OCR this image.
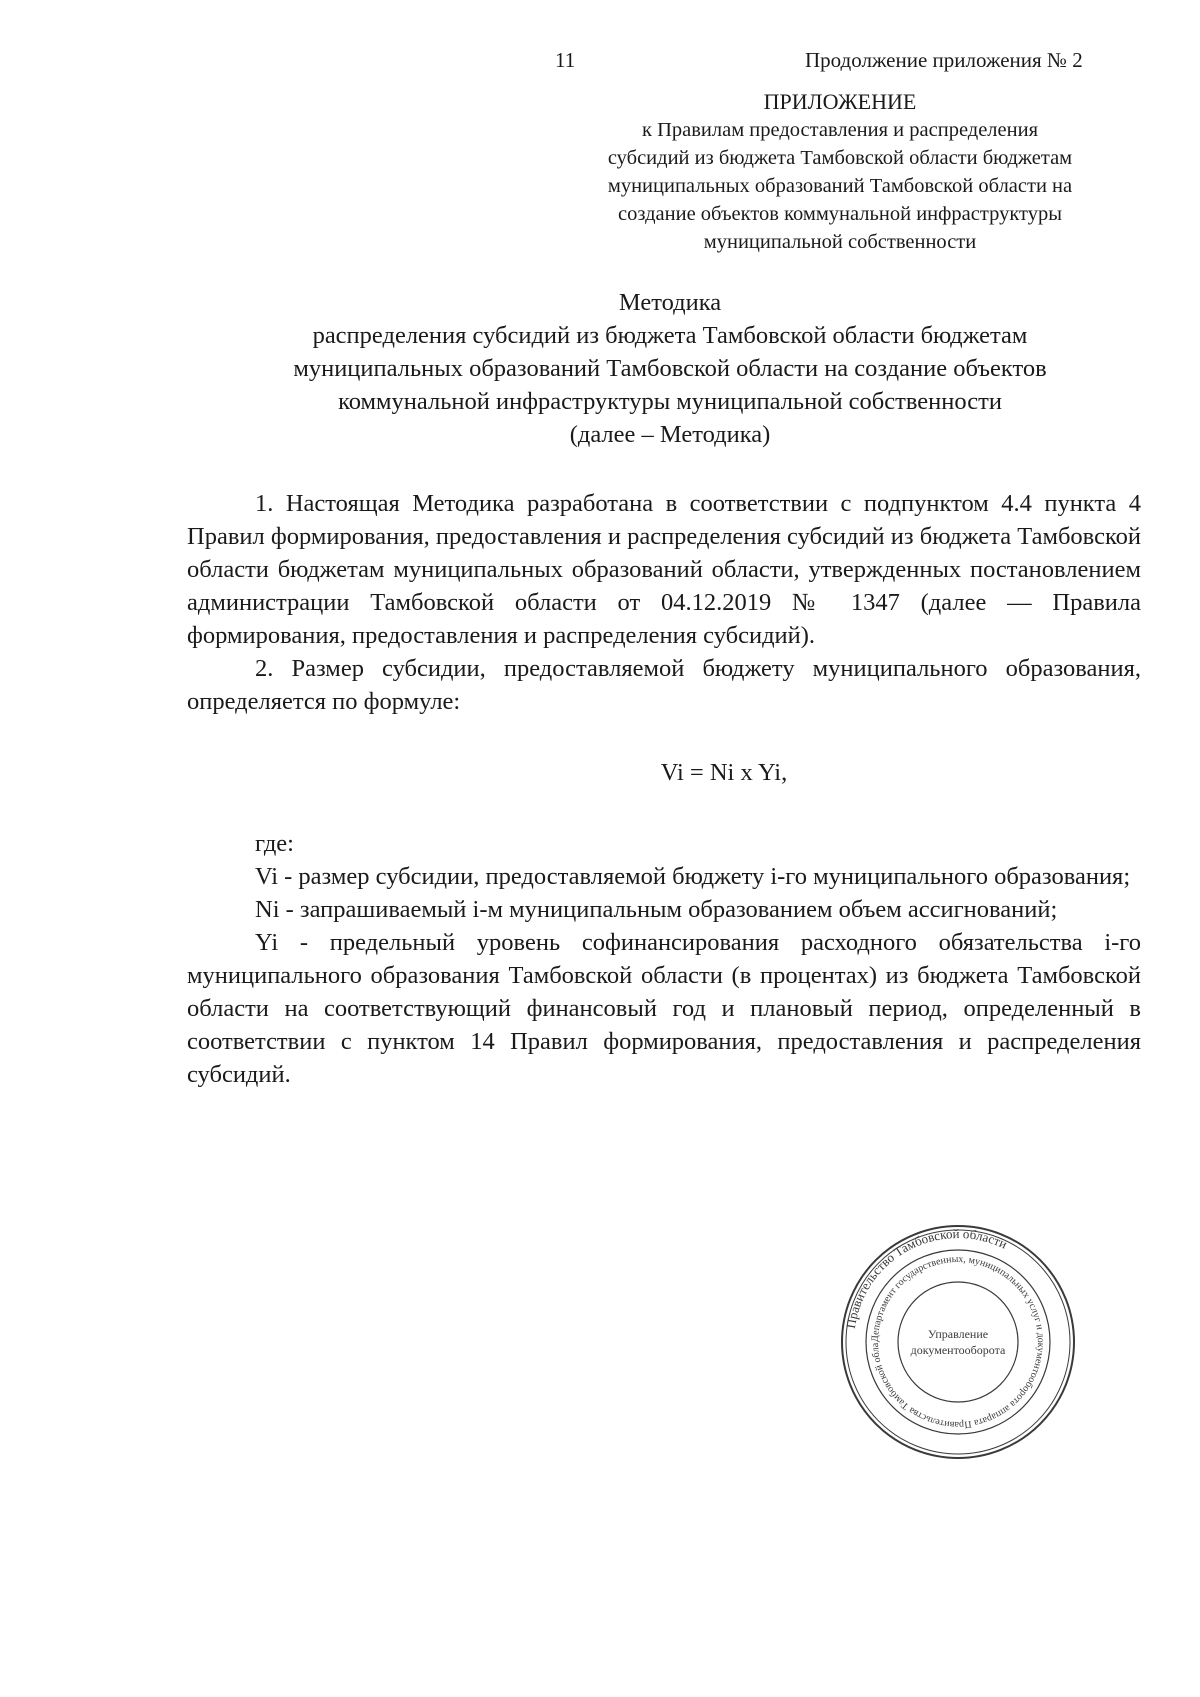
11	Продолжение приложения № 2
ПРИЛОЖЕНИЕ
к Правилам предоставления и распределения
субсидий из бюджета Тамбовской области бюджетам
муниципальных образований Тамбовской области на
создание объектов коммунальной инфраструктуры
муниципальной собственности
Методика
распределения субсидий из бюджета Тамбовской области бюджетам
муниципальных образований Тамбовской области на создание объектов
коммунальной инфраструктуры муниципальной собственности
(далее – Методика)

1. Настоящая Методика разработана в соответствии с подпунктом 4.4 пункта 4 Правил формирования, предоставления и распределения субсидий из бюджета Тамбовской области бюджетам муниципальных образований области, утвержденных постановлением администрации Тамбовской области от 04.12.2019 № 1347 (далее — Правила формирования, предоставления и распределения субсидий).

2. Размер субсидии, предоставляемой бюджету муниципального образования, определяется по формуле:

Vi = Ni x Yi,

где:

Vi - размер субсидии, предоставляемой бюджету i-го муниципального образования;

Ni - запрашиваемый i-м муниципальным образованием объем ассигнований;

Yi - предельный уровень софинансирования расходного обязательства i-го муниципального образования Тамбовской области (в процентах) из бюджета Тамбовской области на соответствующий финансовый год и плановый период, определенный в соответствии с пунктом 14 Правил формирования, предоставления и распределения субсидий.

Правительство Тамбовской области
Департамент государственных, муниципальных услуг и документооборота аппарата Правительства Тамбовской обла
Управление
документооборота
